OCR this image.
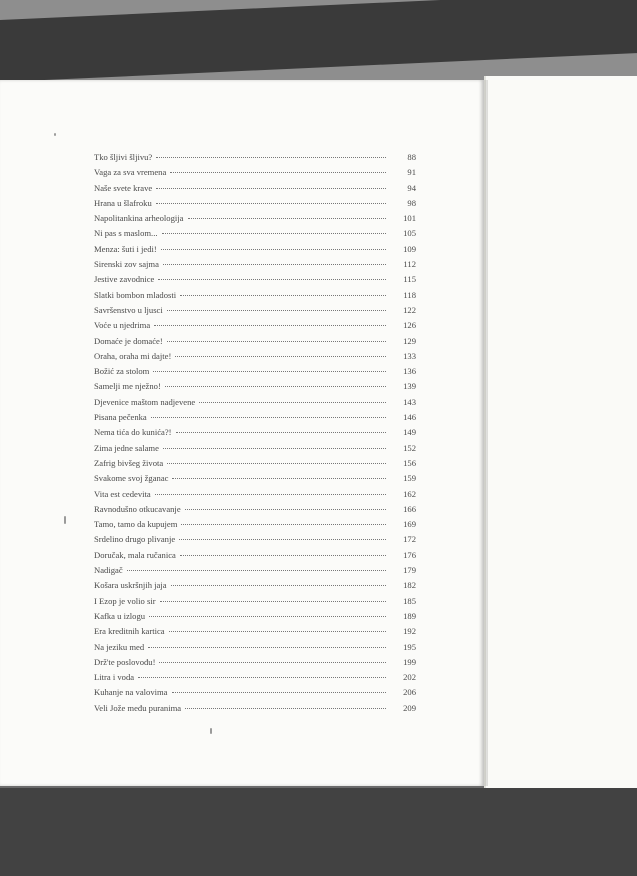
Tko šljivi šljivu?	88
Vaga za sva vremena	91
Naše svete krave	94
Hrana u šlafroku	98
Napolitankina arheologija	101
Ni pas s maslom...	105
Menza: šuti i jedi!	109
Sirenski zov sajma	112
Jestive zavodnice	115
Slatki bombon mladosti	118
Savršenstvo u ljusci	122
Voće u njedrima	126
Domaće je domaće!	129
Oraha, oraha mi dajte!	133
Božić za stolom	136
Samelji me nježno!	139
Djevenice maštom nadjevene	143
Pisana pečenka	146
Nema tića do kunića?!	149
Zima jedne salame	152
Zafrig bivšeg života	156
Svakome svoj žganac	159
Vita est cedevita	162
Ravnodušno otkucavanje	166
Tamo, tamo da kupujem	169
Srdelino drugo plivanje	172
Doručak, mala ručanica	176
Nadigač	179
Košara uskršnjih jaja	182
I Ezop je volio sir	185
Kafka u izlogu	189
Era kreditnih kartica	192
Na jeziku med	195
Drž'te poslovođu!	199
Litra i voda	202
Kuhanje na valovima	206
Veli Jože među puranima	209
